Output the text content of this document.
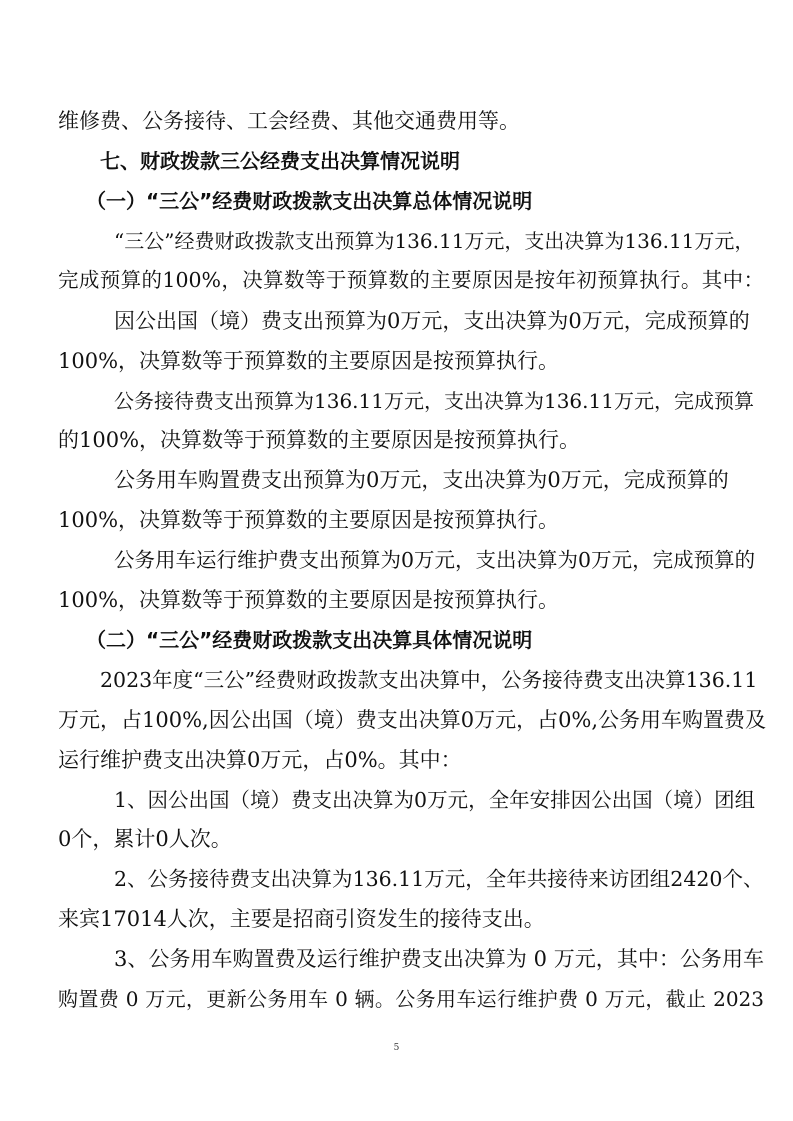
维修费、公务接待、工会经费、其他交通费用等。
七、财政拨款三公经费支出决算情况说明
（一）“三公”经费财政拨款支出决算总体情况说明
“三公”经费财政拨款支出预算为136.11万元，支出决算为136.11万元，
完成预算的100%，决算数等于预算数的主要原因是按年初预算执行。其中：
因公出国（境）费支出预算为0万元，支出决算为0万元，完成预算的
100%，决算数等于预算数的主要原因是按预算执行。
公务接待费支出预算为136.11万元，支出决算为136.11万元，完成预算
的100%，决算数等于预算数的主要原因是按预算执行。
公务用车购置费支出预算为0万元，支出决算为0万元，完成预算的
100%，决算数等于预算数的主要原因是按预算执行。
公务用车运行维护费支出预算为0万元，支出决算为0万元，完成预算的
100%，决算数等于预算数的主要原因是按预算执行。
（二）“三公”经费财政拨款支出决算具体情况说明
2023年度“三公”经费财政拨款支出决算中，公务接待费支出决算136.11
万元，占100%,因公出国（境）费支出决算0万元，占0%,公务用车购置费及
运行维护费支出决算0万元，占0%。其中：
1、因公出国（境）费支出决算为0万元，全年安排因公出国（境）团组
0个，累计0人次。
2、公务接待费支出决算为136.11万元，全年共接待来访团组2420个、
来宾17014人次，主要是招商引资发生的接待支出。
3、公务用车购置费及运行维护费支出决算为 0 万元，其中：公务用车
购置费 0 万元，更新公务用车 0 辆。公务用车运行维护费 0 万元，截止 2023
5
